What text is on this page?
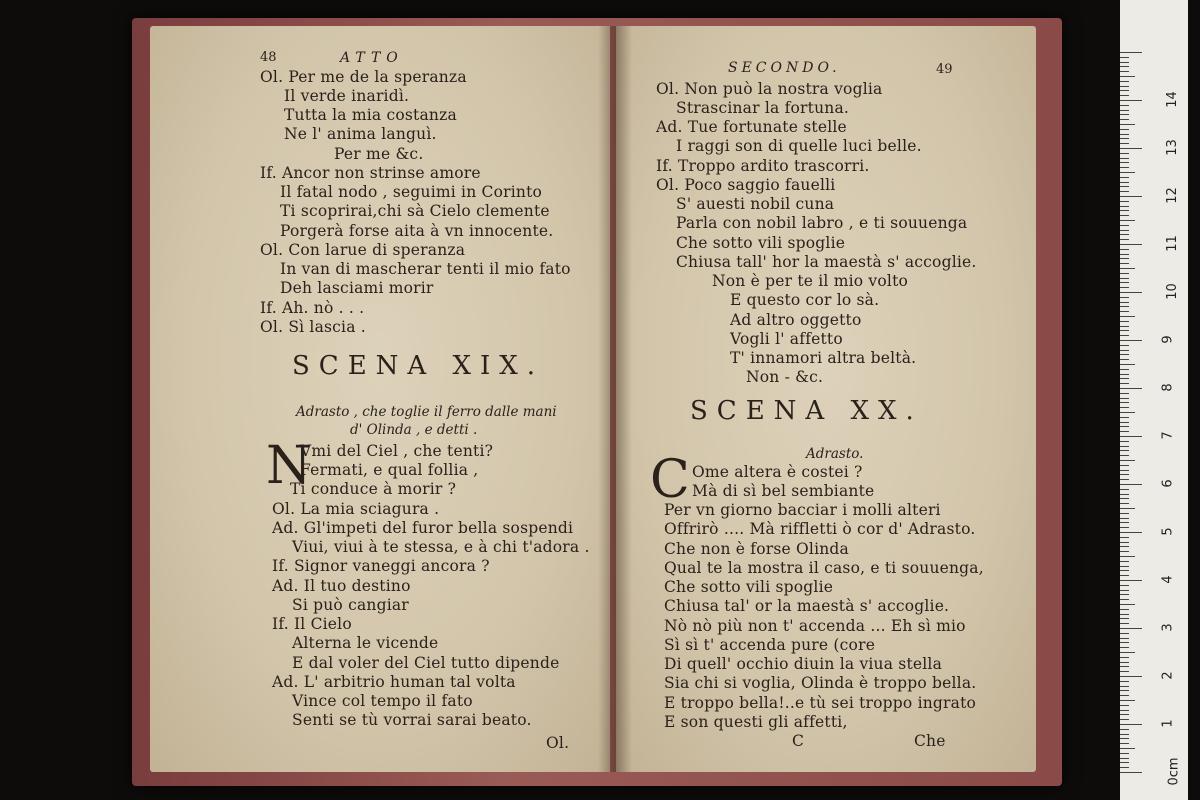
48	ATTO
Ol. Per me de la speranza
Il verde inaridì.
Tutta la mia costanza
Ne l' anima languì.
Per me &c.
If. Ancor non strinse amore
Il fatal nodo , seguimi in Corinto
Ti scoprirai,chi sà Cielo clemente
Porgerà forse aita à vn innocente.
Ol. Con larue di speranza
In van di mascherar tenti il mio fato
Deh lasciami morir
If. Ah. nò . . .
Ol. Sì lascia .
SCENA XIX.
Adrasto , che toglie il ferro dalle mani
d' Olinda , e detti .
N
Vmi del Ciel , che tenti?
Fermati, e qual follia ,
Ti conduce à morir ?
Ol. La mia sciagura .
Ad. Gl'impeti del furor bella sospendi
Viui, viui à te stessa, e à chi t'adora .
If. Signor vaneggi ancora ?
Ad. Il tuo destino
Si può cangiar
If. Il Cielo
Alterna le vicende
E dal voler del Ciel tutto dipende
Ad. L' arbitrio human tal volta
Vince col tempo il fato
Senti se tù vorrai sarai beato.
Ol.
SECONDO.	49
Ol. Non può la nostra voglia
Strascinar la fortuna.
Ad. Tue fortunate stelle
I raggi son di quelle luci belle.
If. Troppo ardito trascorri.
Ol. Poco saggio fauelli
S' auesti nobil cuna
Parla con nobil labro , e ti souuenga
Che sotto vili spoglie
Chiusa tall' hor la maestà s' accoglie.
Non è per te il mio volto
E questo cor lo sà.
Ad altro oggetto
Vogli l' affetto
T' innamori altra beltà.
Non - &c.
SCENA XX.
Adrasto.
C Ome altera è costei ?
Mà di sì bel sembiante
Per vn giorno bacciar i molli alteri
Offrirò .... Mà riffletti ò cor d' Adrasto.
Che non è forse Olinda
Qual te la mostra il caso, e ti souuenga,
Che sotto vili spoglie
Chiusa tal' or la maestà s' accoglie.
Nò nò più non t' accenda ... Eh sì mio
Sì sì t' accenda pure (core
Di quell' occhio diuin la viua stella
Sia chi si voglia, Olinda è troppo bella.
E troppo bella!..e tù sei troppo ingrato
E son questi gli affetti,
C	Che
0cm
1
2
3
4
5
6
7
8
9
10
11
12
13
14
